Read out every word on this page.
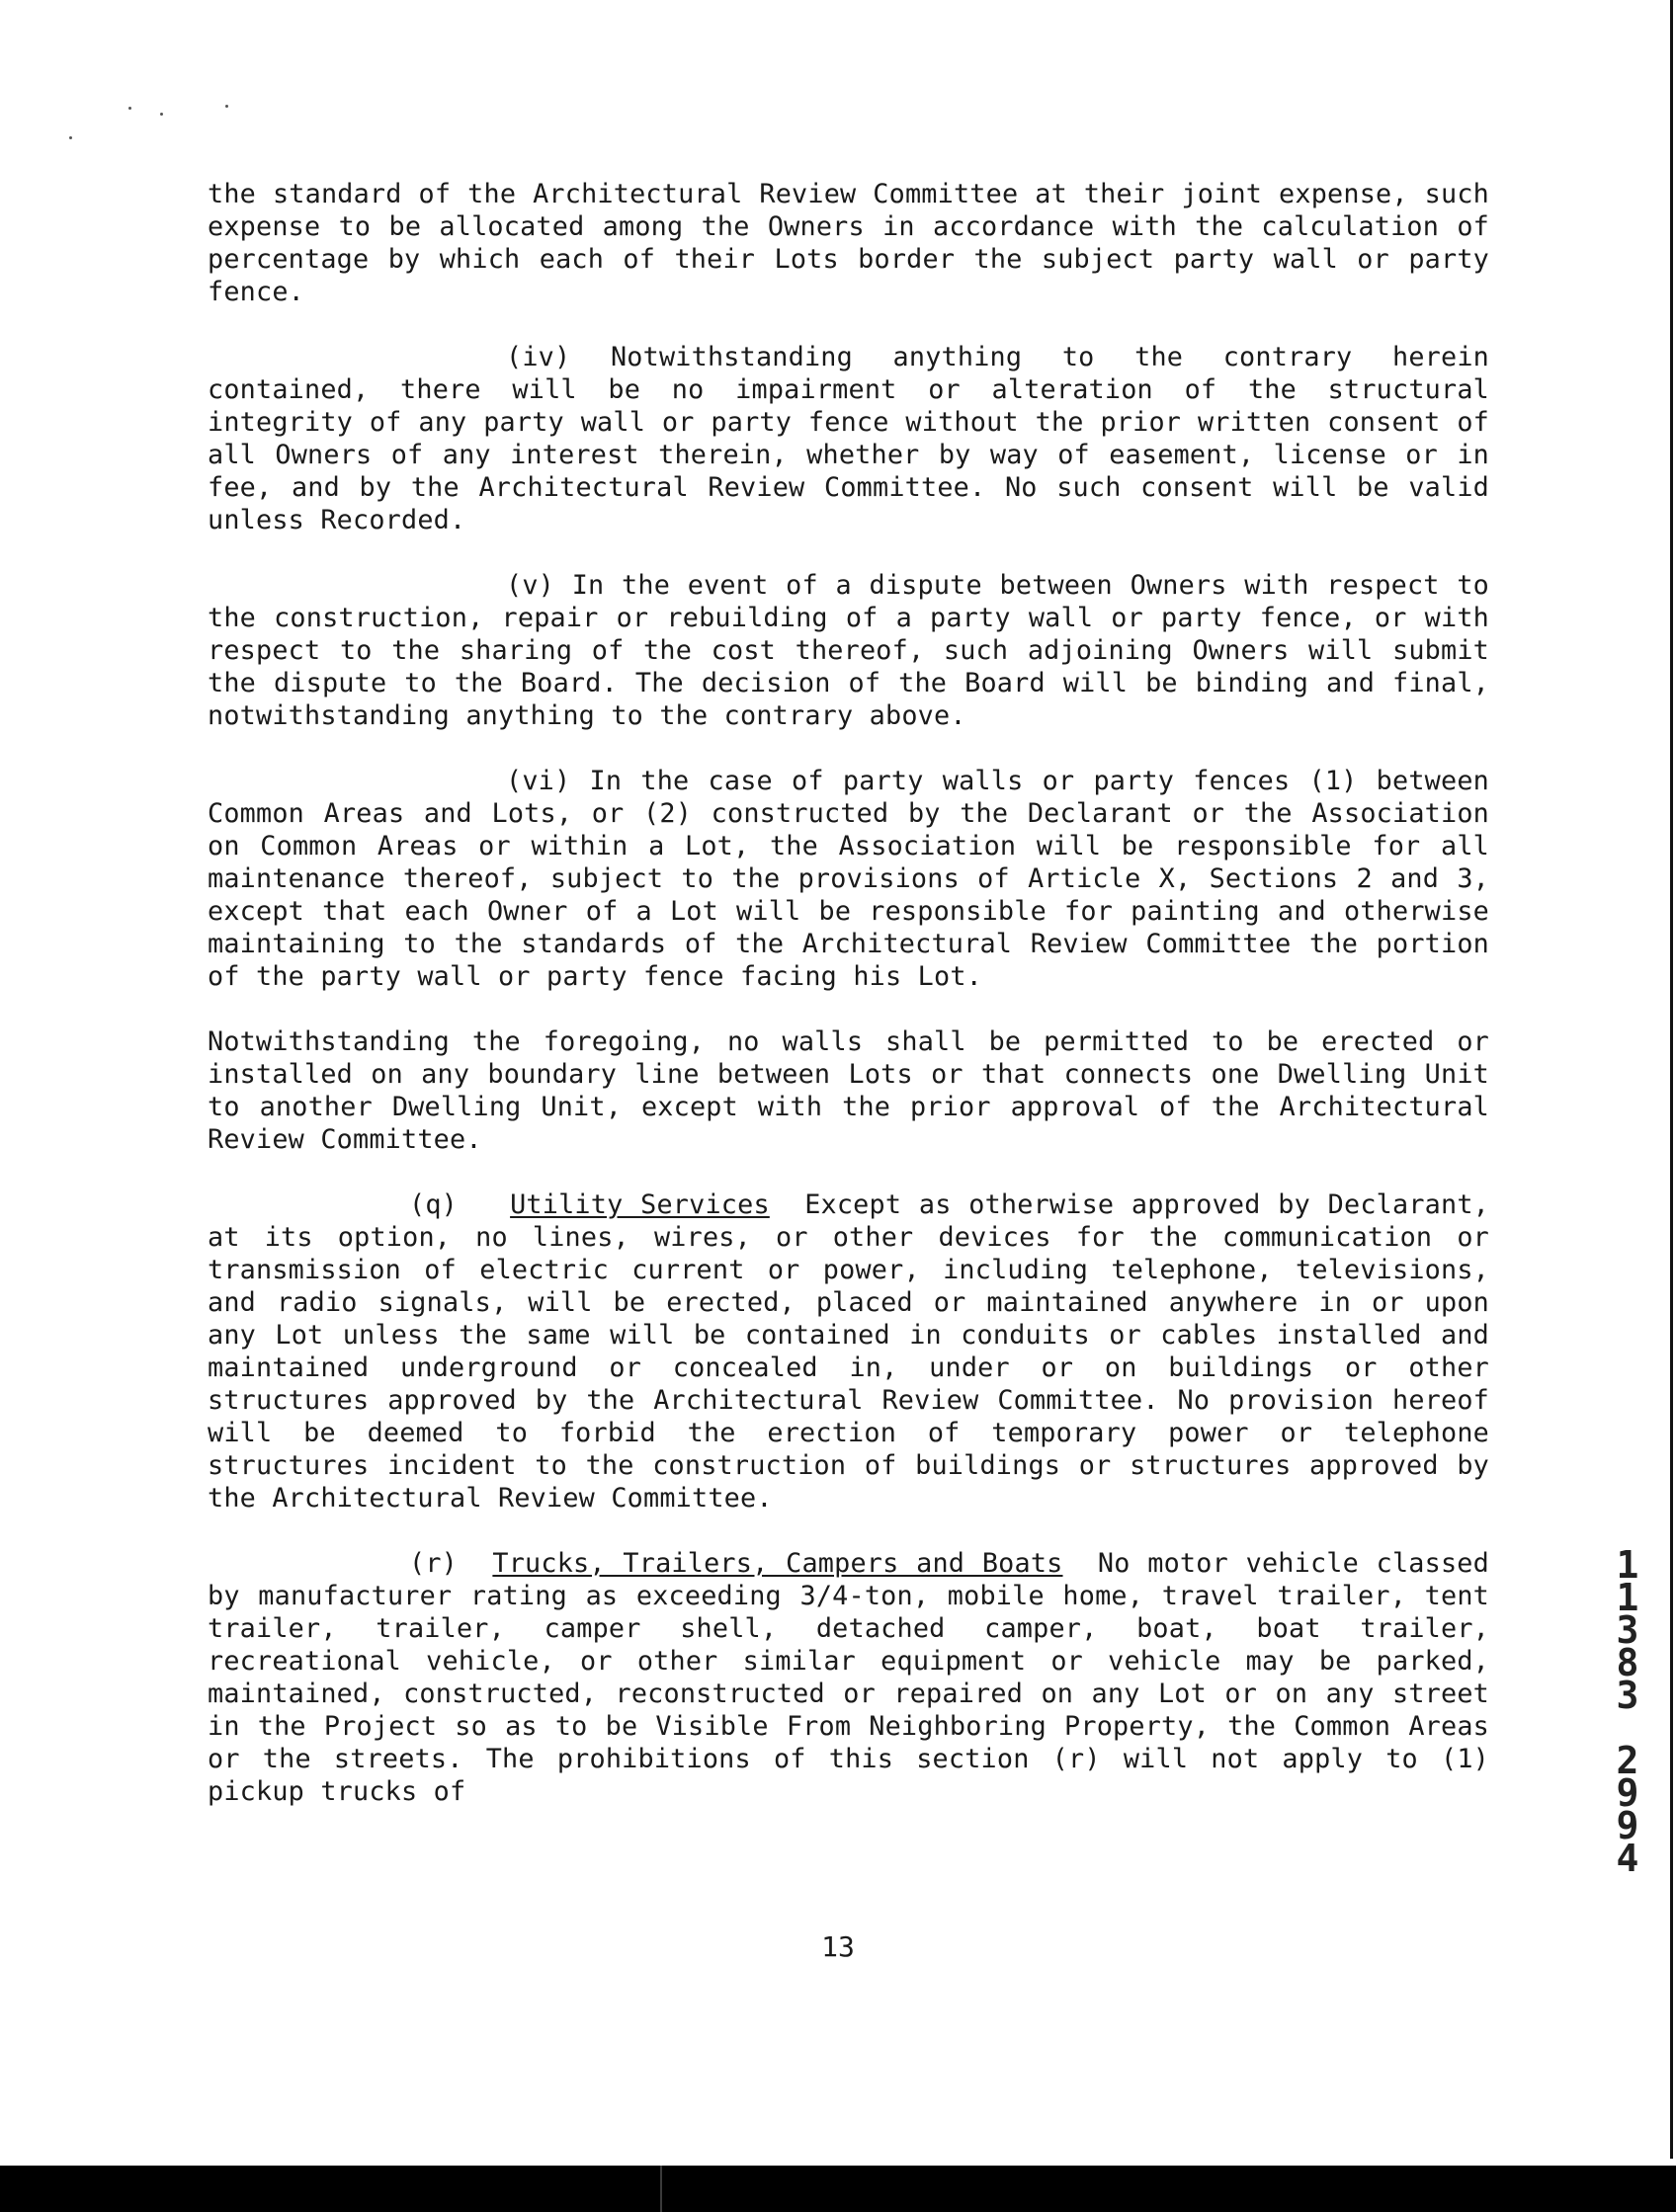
the standard of the Architectural Review Committee at their joint expense, such expense to be allocated among the Owners in accordance with the calculation of percentage by which each of their Lots border the subject party wall or party fence.

(iv) Notwithstanding anything to the contrary herein contained, there will be no impairment or alteration of the structural integrity of any party wall or party fence without the prior written consent of all Owners of any interest therein, whether by way of easement, license or in fee, and by the Architectural Review Committee. No such consent will be valid unless Recorded.

(v) In the event of a dispute between Owners with respect to the construction, repair or rebuilding of a party wall or party fence, or with respect to the sharing of the cost thereof, such adjoining Owners will submit the dispute to the Board. The decision of the Board will be binding and final, notwithstanding anything to the contrary above.

(vi) In the case of party walls or party fences (1) between Common Areas and Lots, or (2) constructed by the Declarant or the Association on Common Areas or within a Lot, the Association will be responsible for all maintenance thereof, subject to the provisions of Article X, Sections 2 and 3, except that each Owner of a Lot will be responsible for painting and otherwise maintaining to the standards of the Architectural Review Committee the portion of the party wall or party fence facing his Lot.

Notwithstanding the foregoing, no walls shall be permitted to be erected or installed on any boundary line between Lots or that connects one Dwelling Unit to another Dwelling Unit, except with the prior approval of the Architectural Review Committee.

(q) Utility Services Except as otherwise approved by Declarant, at its option, no lines, wires, or other devices for the communication or transmission of electric current or power, including telephone, televisions, and radio signals, will be erected, placed or maintained anywhere in or upon any Lot unless the same will be contained in conduits or cables installed and maintained underground or concealed in, under or on buildings or other structures approved by the Architectural Review Committee. No provision hereof will be deemed to forbid the erection of temporary power or telephone structures incident to the construction of buildings or structures approved by the Architectural Review Committee.

(r) Trucks, Trailers, Campers and Boats No motor vehicle classed by manufacturer rating as exceeding 3/4-ton, mobile home, travel trailer, tent trailer, trailer, camper shell, detached camper, boat, boat trailer, recreational vehicle, or other similar equipment or vehicle may be parked, maintained, constructed, reconstructed or repaired on any Lot or on any street in the Project so as to be Visible From Neighboring Property, the Common Areas or the streets. The prohibitions of this section (r) will not apply to (1) pickup trucks of

13
1
1
3
8
3

2
9
9
4
